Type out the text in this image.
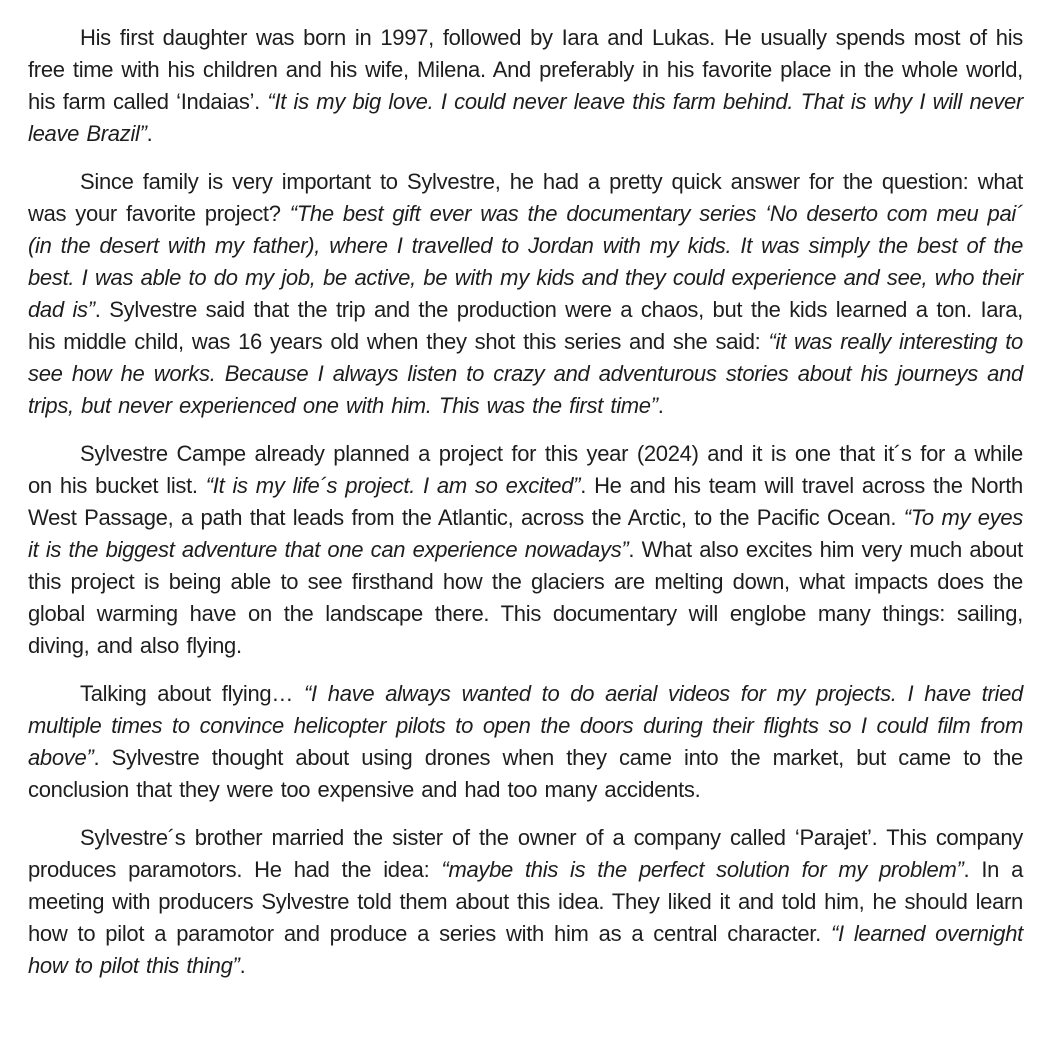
His first daughter was born in 1997, followed by Iara and Lukas. He usually spends most of his free time with his children and his wife, Milena. And preferably in his favorite place in the whole world, his farm called ‘Indaias’. “It is my big love. I could never leave this farm behind. That is why I will never leave Brazil”.

Since family is very important to Sylvestre, he had a pretty quick answer for the question: what was your favorite project? “The best gift ever was the documentary series ‘No deserto com meu pai´ (in the desert with my father), where I travelled to Jordan with my kids. It was simply the best of the best. I was able to do my job, be active, be with my kids and they could experience and see, who their dad is”. Sylvestre said that the trip and the production were a chaos, but the kids learned a ton. Iara, his middle child, was 16 years old when they shot this series and she said: “it was really interesting to see how he works. Because I always listen to crazy and adventurous stories about his journeys and trips, but never experienced one with him. This was the first time”.

Sylvestre Campe already planned a project for this year (2024) and it is one that it´s for a while on his bucket list. “It is my life´s project. I am so excited”. He and his team will travel across the North West Passage, a path that leads from the Atlantic, across the Arctic, to the Pacific Ocean. “To my eyes it is the biggest adventure that one can experience nowadays”. What also excites him very much about this project is being able to see firsthand how the glaciers are melting down, what impacts does the global warming have on the landscape there. This documentary will englobe many things: sailing, diving, and also flying.

Talking about flying… “I have always wanted to do aerial videos for my projects. I have tried multiple times to convince helicopter pilots to open the doors during their flights so I could film from above”. Sylvestre thought about using drones when they came into the market, but came to the conclusion that they were too expensive and had too many accidents.

Sylvestre´s brother married the sister of the owner of a company called ‘Parajet’. This company produces paramotors. He had the idea: “maybe this is the perfect solution for my problem”. In a meeting with producers Sylvestre told them about this idea. They liked it and told him, he should learn how to pilot a paramotor and produce a series with him as a central character. “I learned overnight how to pilot this thing”.
